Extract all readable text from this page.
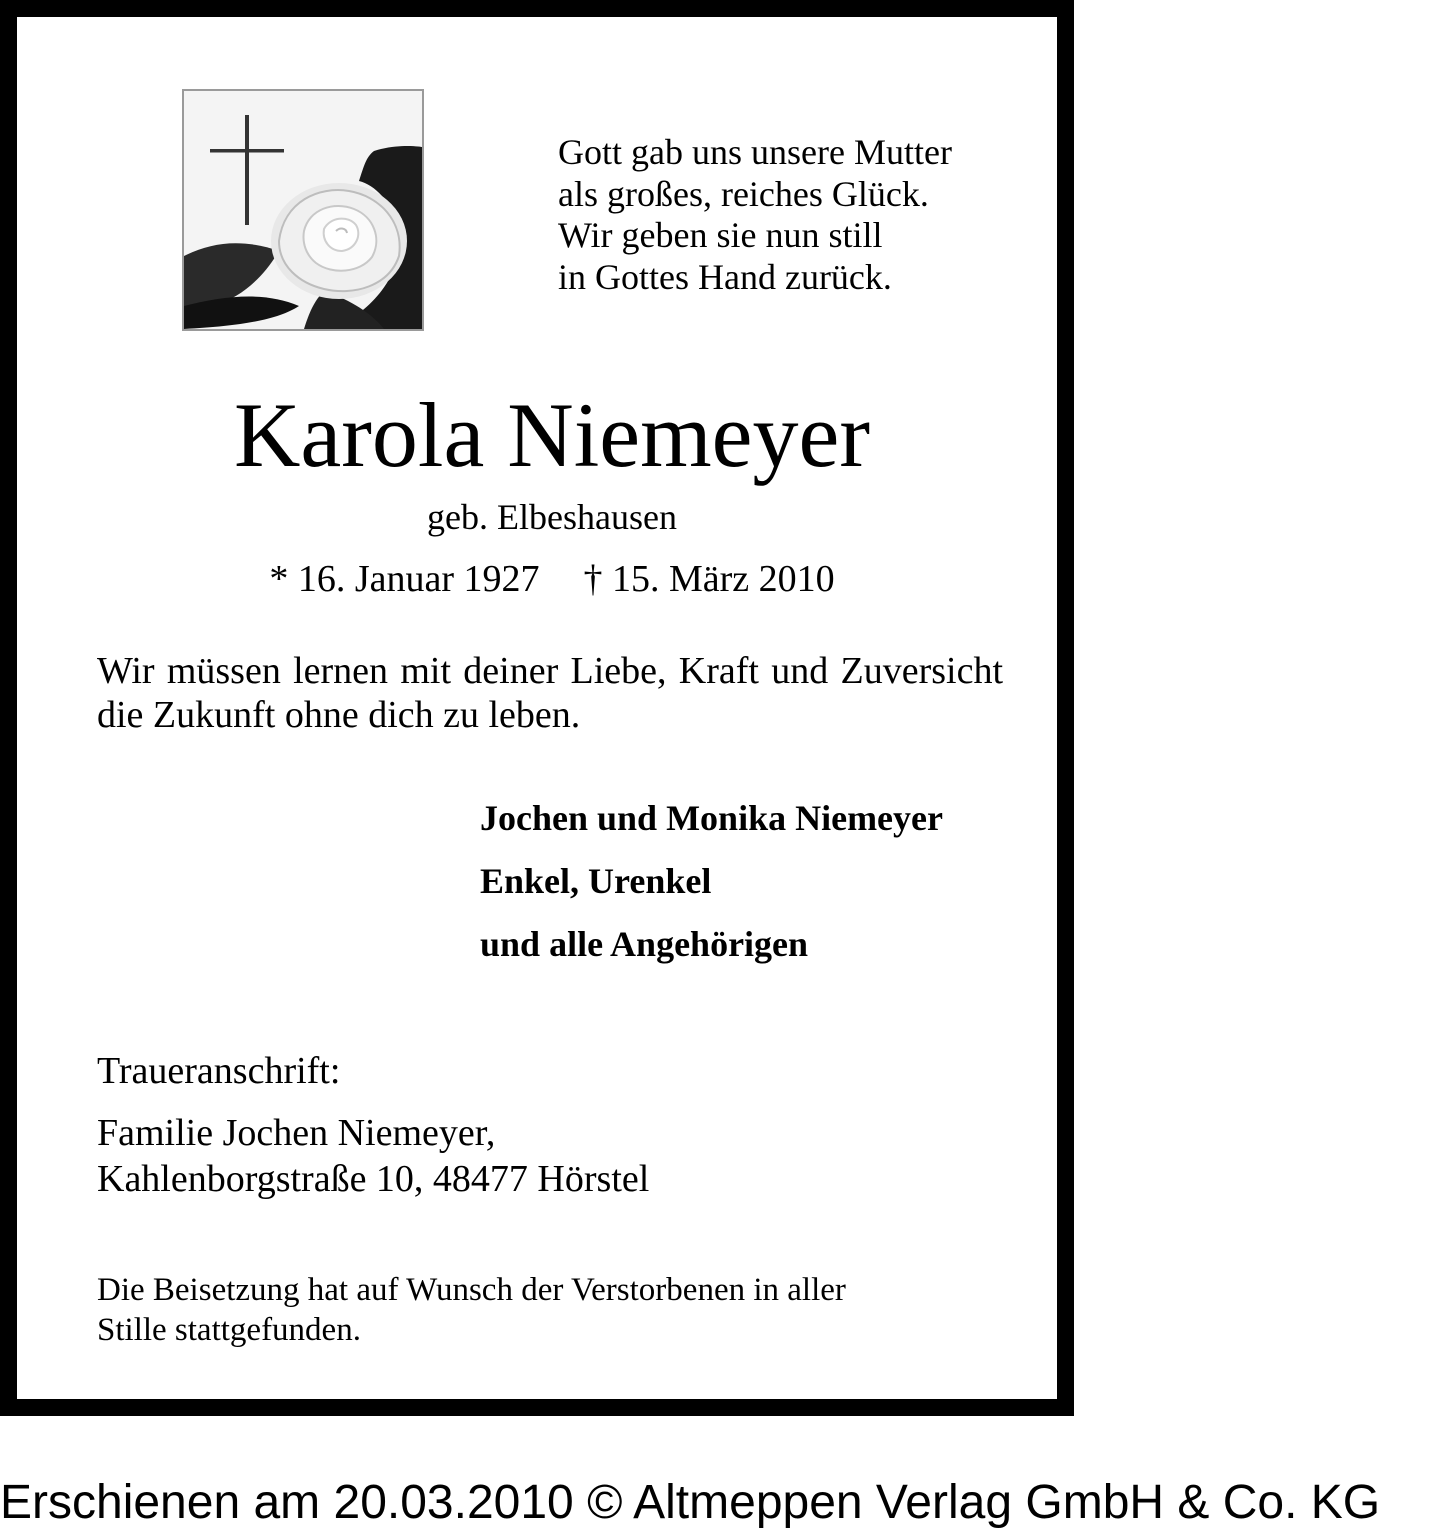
Gott gab uns unsere Mutter
als großes, reiches Glück.
Wir geben sie nun still
in Gottes Hand zurück.
Karola Niemeyer
geb. Elbeshausen
* 16. Januar 1927 † 15. März 2010
Wir müssen lernen mit deiner Liebe, Kraft und Zuversicht die Zukunft ohne dich zu leben.
Jochen und Monika Niemeyer
Enkel, Urenkel
und alle Angehörigen
Traueranschrift:
Familie Jochen Niemeyer,
Kahlenborgstraße 10, 48477 Hörstel
Die Beisetzung hat auf Wunsch der Verstorbenen in aller
Stille stattgefunden.
Erschienen am 20.03.2010 © Altmeppen Verlag GmbH & Co. KG
